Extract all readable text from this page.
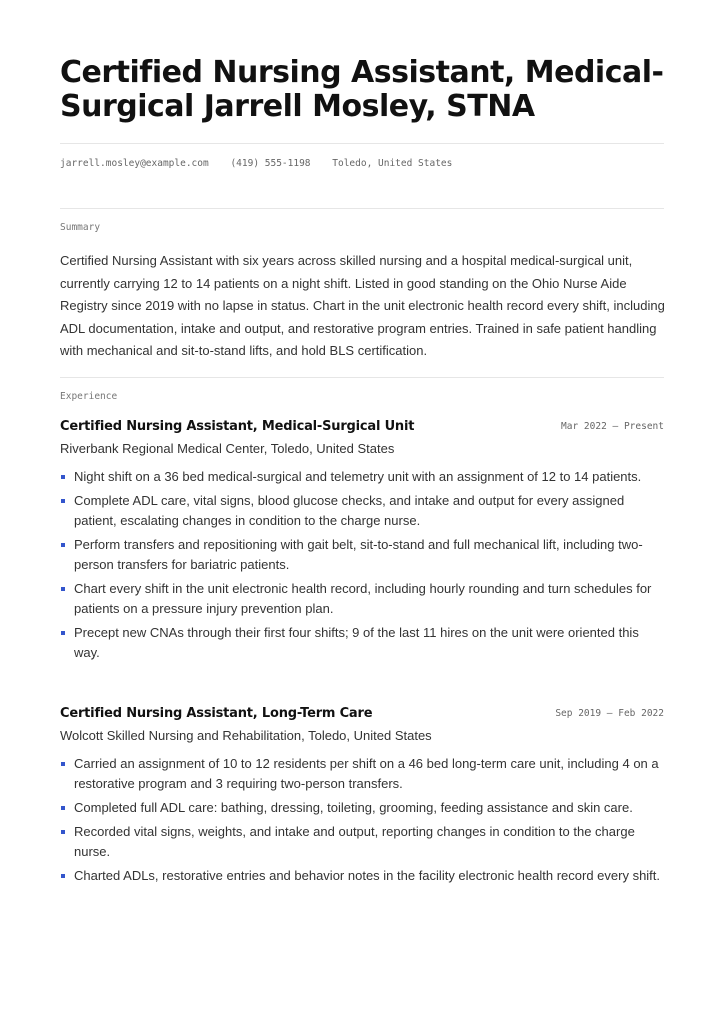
Certified Nursing Assistant, Medical-Surgical Jarrell Mosley, STNA
jarrell.mosley@example.com (419) 555-1198 Toledo, United States
Summary

Certified Nursing Assistant with six years across skilled nursing and a hospital medical-surgical unit, currently carrying 12 to 14 patients on a night shift. Listed in good standing on the Ohio Nurse Aide Registry since 2019 with no lapse in status. Chart in the unit electronic health record every shift, including ADL documentation, intake and output, and restorative program entries. Trained in safe patient handling with mechanical and sit-to-stand lifts, and hold BLS certification.

Experience
Certified Nursing Assistant, Medical-Surgical Unit	Mar 2022 — Present
Riverbank Regional Medical Center, Toledo, United States
Night shift on a 36 bed medical-surgical and telemetry unit with an assignment of 12 to 14 patients.
Complete ADL care, vital signs, blood glucose checks, and intake and output for every assigned patient, escalating changes in condition to the charge nurse.
Perform transfers and repositioning with gait belt, sit-to-stand and full mechanical lift, including two-person transfers for bariatric patients.
Chart every shift in the unit electronic health record, including hourly rounding and turn schedules for patients on a pressure injury prevention plan.
Precept new CNAs through their first four shifts; 9 of the last 11 hires on the unit were oriented this way.
Certified Nursing Assistant, Long-Term Care	Sep 2019 — Feb 2022
Wolcott Skilled Nursing and Rehabilitation, Toledo, United States
Carried an assignment of 10 to 12 residents per shift on a 46 bed long-term care unit, including 4 on a restorative program and 3 requiring two-person transfers.
Completed full ADL care: bathing, dressing, toileting, grooming, feeding assistance and skin care.
Recorded vital signs, weights, and intake and output, reporting changes in condition to the charge nurse.
Charted ADLs, restorative entries and behavior notes in the facility electronic health record every shift.
